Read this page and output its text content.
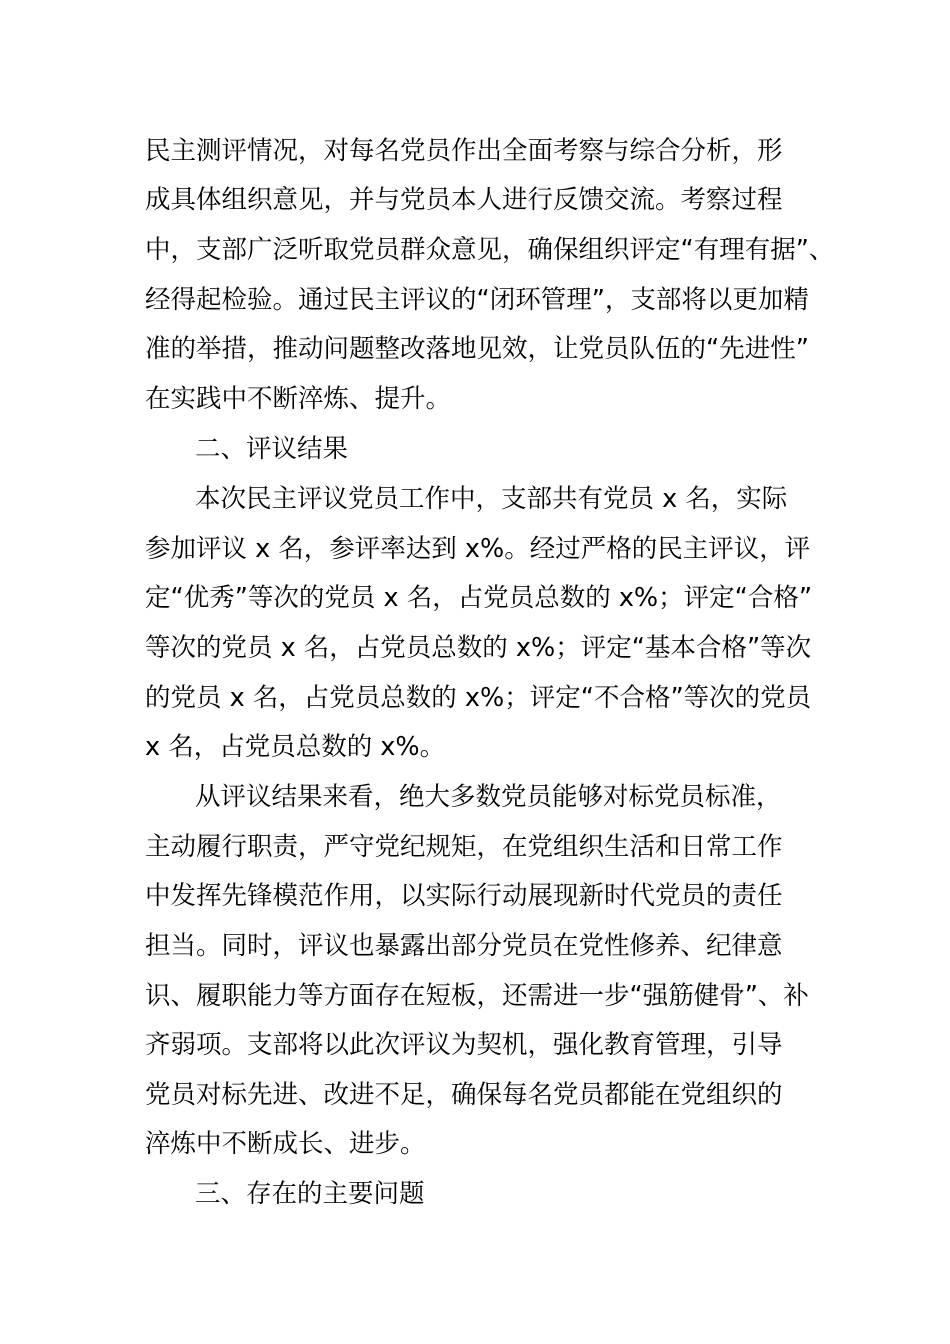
民主测评情况，对每名党员作出全面考察与综合分析，形
成具体组织意见，并与党员本人进行反馈交流。考察过程
中，支部广泛听取党员群众意见，确保组织评定“有理有据”、
经得起检验。通过民主评议的“闭环管理”，支部将以更加精
准的举措，推动问题整改落地见效，让党员队伍的“先进性”
在实践中不断淬炼、提升。
二、评议结果
本次民主评议党员工作中，支部共有党员 x 名，实际
参加评议 x 名，参评率达到 x%。经过严格的民主评议，评
定“优秀”等次的党员 x 名，占党员总数的 x%；评定“合格”
等次的党员 x 名，占党员总数的 x%；评定“基本合格”等次
的党员 x 名，占党员总数的 x%；评定“不合格”等次的党员
x 名，占党员总数的 x%。
从评议结果来看，绝大多数党员能够对标党员标准，
主动履行职责，严守党纪规矩，在党组织生活和日常工作
中发挥先锋模范作用，以实际行动展现新时代党员的责任
担当。同时，评议也暴露出部分党员在党性修养、纪律意
识、履职能力等方面存在短板，还需进一步“强筋健骨”、补
齐弱项。支部将以此次评议为契机，强化教育管理，引导
党员对标先进、改进不足，确保每名党员都能在党组织的
淬炼中不断成长、进步。
三、存在的主要问题
